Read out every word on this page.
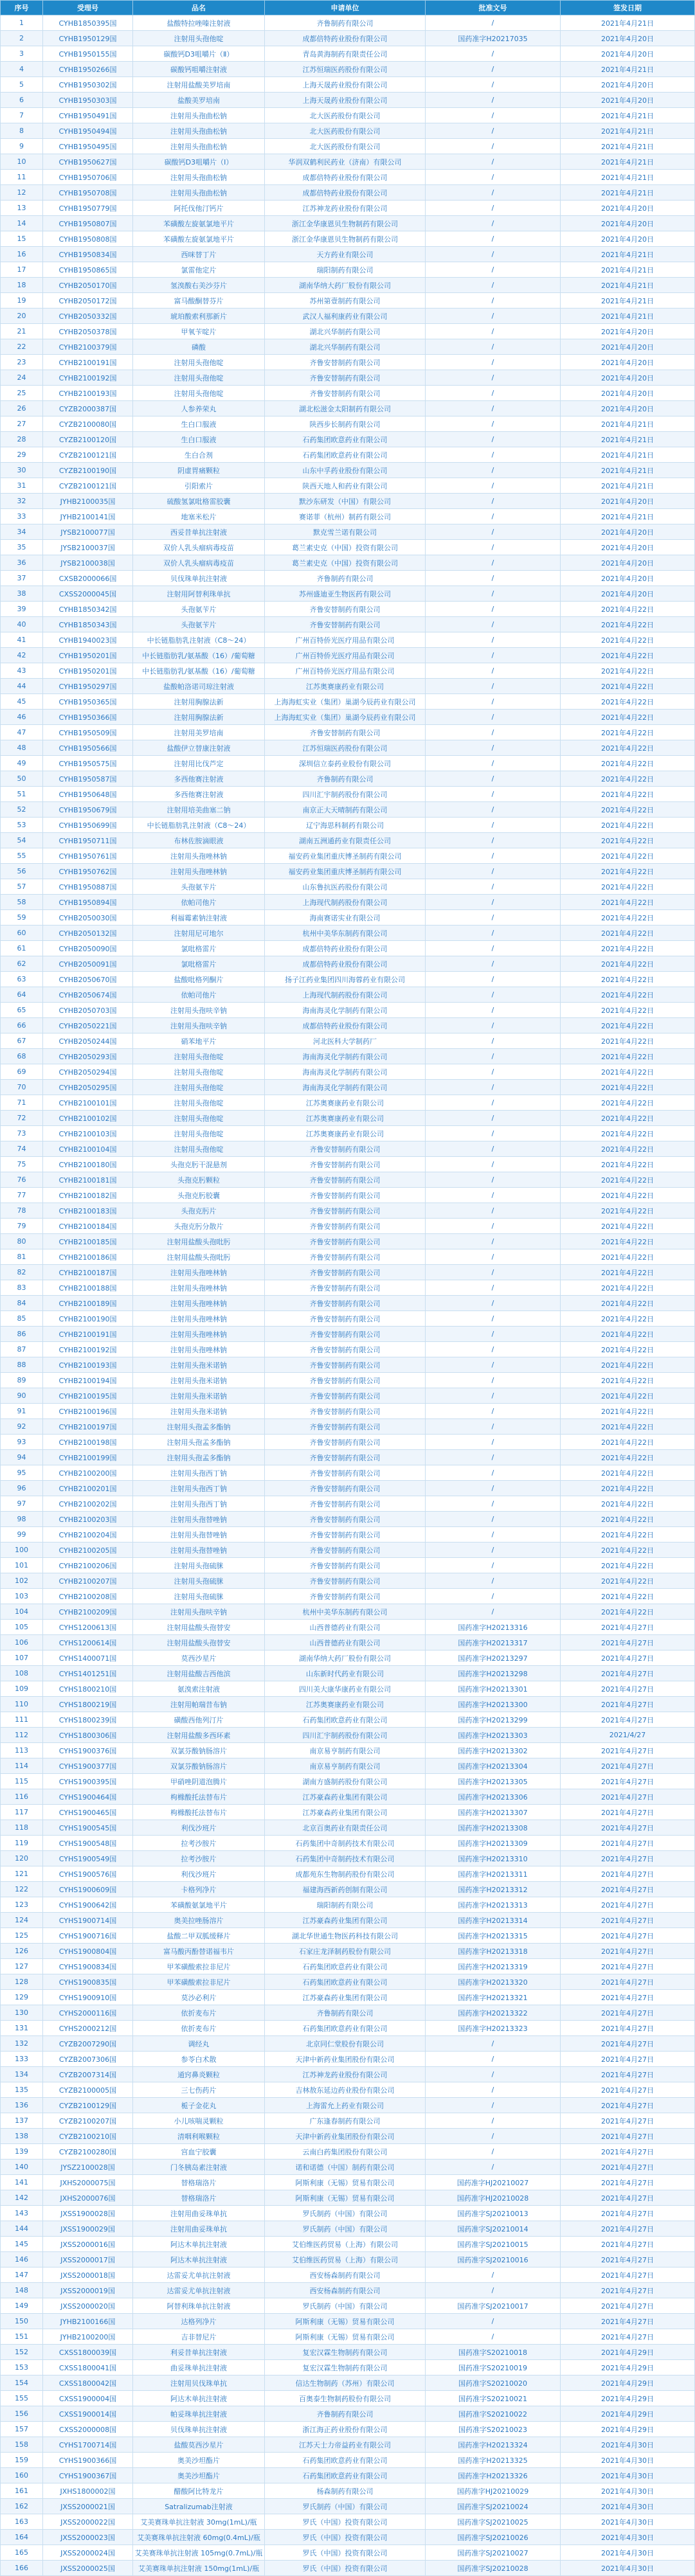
序号	受理号	品名	申请单位	批准文号	签发日期
1	CYHB1850395国	盐酸特拉唑嗪注射液	齐鲁制药有限公司	/	2021年4月21日
2	CYHB1950129国	注射用头孢他啶	成都倍特药业股份有限公司	国药准字H20217035	2021年4月20日
3	CYHB1950155国	碳酸钙D3咀嚼片（Ⅱ）	青岛黄海制药有限责任公司	/	2021年4月20日
4	CYHB1950266国	碳酸钙咀嚼注射液	江苏恒瑞医药股份有限公司	/	2021年4月21日
5	CYHB1950302国	注射用盐酸美罗培南	上海天晟药业股份有限公司	/	2021年4月20日
6	CYHB1950303国	盐酸美罗培南	上海天晟药业股份有限公司	/	2021年4月20日
7	CYHB1950491国	注射用头孢曲松钠	北大医药股份有限公司	/	2021年4月21日
8	CYHB1950494国	注射用头孢曲松钠	北大医药股份有限公司	/	2021年4月21日
9	CYHB1950495国	注射用头孢曲松钠	北大医药股份有限公司	/	2021年4月21日
10	CYHB1950627国	碳酸钙D3咀嚼片（Ⅰ）	华润双鹤利民药业（济南）有限公司	/	2021年4月21日
11	CYHB1950706国	注射用头孢曲松钠	成都倍特药业股份有限公司	/	2021年4月21日
12	CYHB1950708国	注射用头孢曲松钠	成都倍特药业股份有限公司	/	2021年4月21日
13	CYHB1950779国	阿托伐他汀钙片	江苏神龙药业股份有限公司	/	2021年4月20日
14	CYHB1950807国	苯磺酸左旋氨氯地平片	浙江金华康恩贝生物制药有限公司	/	2021年4月20日
15	CYHB1950808国	苯磺酸左旋氨氯地平片	浙江金华康恩贝生物制药有限公司	/	2021年4月20日
16	CYHB1950834国	西咪替丁片	天方药业有限公司	/	2021年4月21日
17	CYHB1950865国	氯雷他定片	瑞阳制药有限公司	/	2021年4月21日
18	CYHB2050170国	氢溴酸右美沙芬片	湖南华纳大药厂股份有限公司	/	2021年4月21日
19	CYHB2050172国	富马酸酮替芬片	苏州第壹制药有限公司	/	2021年4月21日
20	CYHB2050332国	琥珀酸索利那新片	武汉人福利康药业有限公司	/	2021年4月21日
21	CYHB2050378国	甲氧苄啶片	湖北兴华制药有限公司	/	2021年4月20日
22	CYHB2100379国	磷酸	湖北兴华制药有限公司	/	2021年4月20日
23	CYHB2100191国	注射用头孢他啶	齐鲁安替制药有限公司	/	2021年4月20日
24	CYHB2100192国	注射用头孢他啶	齐鲁安替制药有限公司	/	2021年4月20日
25	CYHB2100193国	注射用头孢他啶	齐鲁安替制药有限公司	/	2021年4月20日
26	CYZB2000387国	人参养荣丸	湖北松滋金太阳制药有限公司	/	2021年4月20日
27	CYZB2100080国	生白口服液	陕西步长制药有限公司	/	2021年4月21日
28	CYZB2100120国	生白口服液	石药集团欧意药业有限公司	/	2021年4月21日
29	CYZB2100121国	生白合剂	石药集团欧意药业有限公司	/	2021年4月21日
30	CYZB2100190国	阴虚胃痛颗粒	山东中孚药业股份有限公司	/	2021年4月21日
31	CYZB2100121国	引阳索片	陕西天地人和药业有限公司	/	2021年4月21日
32	JYHB2100035国	硫酸氢氯吡格雷胶囊	默沙东研发（中国）有限公司	/	2021年4月20日
33	JYHB2100141国	地塞米松片	赛诺菲（杭州）制药有限公司	/	2021年4月21日
34	JYSB2100077国	西妥昔单抗注射液	默克雪兰诺有限公司	/	2021年4月20日
35	JYSB2100037国	双价人乳头瘤病毒疫苗	葛兰素史克（中国）投资有限公司	/	2021年4月20日
36	JYSB2100038国	双价人乳头瘤病毒疫苗	葛兰素史克（中国）投资有限公司	/	2021年4月20日
37	CXSB2000066国	贝伐珠单抗注射液	齐鲁制药有限公司	/	2021年4月20日
38	CXSS2000045国	注射用阿替利珠单抗	苏州盛迪亚生物医药有限公司	/	2021年4月20日
39	CYHB1850342国	头孢氨苄片	齐鲁安替制药有限公司	/	2021年4月22日
40	CYHB1850343国	头孢氨苄片	齐鲁安替制药有限公司	/	2021年4月22日
41	CYHB1940023国	中长链脂肪乳注射液（C8～24）	广州百特侨光医疗用品有限公司	/	2021年4月22日
42	CYHB1950201国	中长链脂肪乳/氨基酸（16）/葡萄糖	广州百特侨光医疗用品有限公司	/	2021年4月22日
43	CYHB1950201国	中长链脂肪乳/氨基酸（16）/葡萄糖	广州百特侨光医疗用品有限公司	/	2021年4月22日
44	CYHB1950297国	盐酸帕洛诺司琼注射液	江苏奥赛康药业有限公司	/	2021年4月22日
45	CYHB1950365国	注射用胸腺法新	上海海虹实业（集团）巢湖今辰药业有限公司	/	2021年4月22日
46	CYHB1950366国	注射用胸腺法新	上海海虹实业（集团）巢湖今辰药业有限公司	/	2021年4月22日
47	CYHB1950509国	注射用美罗培南	齐鲁安替制药有限公司	/	2021年4月22日
48	CYHB1950566国	盐酸伊立替康注射液	江苏恒瑞医药股份有限公司	/	2021年4月22日
49	CYHB1950575国	注射用比伐芦定	深圳信立泰药业股份有限公司	/	2021年4月22日
50	CYHB1950587国	多西他赛注射液	齐鲁制药有限公司	/	2021年4月22日
51	CYHB1950648国	多西他赛注射液	四川汇宇制药股份有限公司	/	2021年4月22日
52	CYHB1950679国	注射用培美曲塞二钠	南京正大天晴制药有限公司	/	2021年4月22日
53	CYHB1950699国	中长链脂肪乳注射液（C8～24）	辽宁海思科制药有限公司	/	2021年4月22日
54	CYHB1950711国	布林佐胺滴眼液	湖南五洲通药业有限责任公司	/	2021年4月22日
55	CYHB1950761国	注射用头孢唑林钠	福安药业集团重庆博圣制药有限公司	/	2021年4月22日
56	CYHB1950762国	注射用头孢唑林钠	福安药业集团重庆博圣制药有限公司	/	2021年4月22日
57	CYHB1950887国	头孢氨苄片	山东鲁抗医药股份有限公司	/	2021年4月22日
58	CYHB1950894国	依帕司他片	上海现代制药股份有限公司	/	2021年4月22日
59	CYHB2050030国	利福霉素钠注射液	海南赛诺实业有限公司	/	2021年4月22日
60	CYHB2050132国	注射用尼可地尔	杭州中美华东制药有限公司	/	2021年4月22日
61	CYHB2050090国	氯吡格雷片	成都倍特药业股份有限公司	/	2021年4月22日
62	CYHB2050091国	氯吡格雷片	成都倍特药业股份有限公司	/	2021年4月22日
63	CYHB2050670国	盐酸吡格列酮片	扬子江药业集团四川海蓉药业有限公司	/	2021年4月22日
64	CYHB2050674国	依帕司他片	上海现代制药股份有限公司	/	2021年4月22日
65	CYHB2050703国	注射用头孢呋辛钠	海南海灵化学制药有限公司	/	2021年4月22日
66	CYHB2050221国	注射用头孢呋辛钠	成都倍特药业股份有限公司	/	2021年4月22日
67	CYHB2050244国	硝苯地平片	河北医科大学制药厂	/	2021年4月22日
68	CYHB2050293国	注射用头孢他啶	海南海灵化学制药有限公司	/	2021年4月22日
69	CYHB2050294国	注射用头孢他啶	海南海灵化学制药有限公司	/	2021年4月22日
70	CYHB2050295国	注射用头孢他啶	海南海灵化学制药有限公司	/	2021年4月22日
71	CYHB2100101国	注射用头孢他啶	江苏奥赛康药业有限公司	/	2021年4月22日
72	CYHB2100102国	注射用头孢他啶	江苏奥赛康药业有限公司	/	2021年4月22日
73	CYHB2100103国	注射用头孢他啶	江苏奥赛康药业有限公司	/	2021年4月22日
74	CYHB2100104国	注射用头孢他啶	齐鲁安替制药有限公司	/	2021年4月22日
75	CYHB2100180国	头孢克肟干混悬剂	齐鲁安替制药有限公司	/	2021年4月22日
76	CYHB2100181国	头孢克肟颗粒	齐鲁安替制药有限公司	/	2021年4月22日
77	CYHB2100182国	头孢克肟胶囊	齐鲁安替制药有限公司	/	2021年4月22日
78	CYHB2100183国	头孢克肟片	齐鲁安替制药有限公司	/	2021年4月22日
79	CYHB2100184国	头孢克肟分散片	齐鲁安替制药有限公司	/	2021年4月22日
80	CYHB2100185国	注射用盐酸头孢吡肟	齐鲁安替制药有限公司	/	2021年4月22日
81	CYHB2100186国	注射用盐酸头孢吡肟	齐鲁安替制药有限公司	/	2021年4月22日
82	CYHB2100187国	注射用头孢唑林钠	齐鲁安替制药有限公司	/	2021年4月22日
83	CYHB2100188国	注射用头孢唑林钠	齐鲁安替制药有限公司	/	2021年4月22日
84	CYHB2100189国	注射用头孢唑林钠	齐鲁安替制药有限公司	/	2021年4月22日
85	CYHB2100190国	注射用头孢唑林钠	齐鲁安替制药有限公司	/	2021年4月22日
86	CYHB2100191国	注射用头孢唑林钠	齐鲁安替制药有限公司	/	2021年4月22日
87	CYHB2100192国	注射用头孢唑林钠	齐鲁安替制药有限公司	/	2021年4月22日
88	CYHB2100193国	注射用头孢米诺钠	齐鲁安替制药有限公司	/	2021年4月22日
89	CYHB2100194国	注射用头孢米诺钠	齐鲁安替制药有限公司	/	2021年4月22日
90	CYHB2100195国	注射用头孢米诺钠	齐鲁安替制药有限公司	/	2021年4月22日
91	CYHB2100196国	注射用头孢米诺钠	齐鲁安替制药有限公司	/	2021年4月22日
92	CYHB2100197国	注射用头孢孟多酯钠	齐鲁安替制药有限公司	/	2021年4月22日
93	CYHB2100198国	注射用头孢孟多酯钠	齐鲁安替制药有限公司	/	2021年4月22日
94	CYHB2100199国	注射用头孢孟多酯钠	齐鲁安替制药有限公司	/	2021年4月22日
95	CYHB2100200国	注射用头孢西丁钠	齐鲁安替制药有限公司	/	2021年4月22日
96	CYHB2100201国	注射用头孢西丁钠	齐鲁安替制药有限公司	/	2021年4月22日
97	CYHB2100202国	注射用头孢西丁钠	齐鲁安替制药有限公司	/	2021年4月22日
98	CYHB2100203国	注射用头孢替唑钠	齐鲁安替制药有限公司	/	2021年4月22日
99	CYHB2100204国	注射用头孢替唑钠	齐鲁安替制药有限公司	/	2021年4月22日
100	CYHB2100205国	注射用头孢替唑钠	齐鲁安替制药有限公司	/	2021年4月22日
101	CYHB2100206国	注射用头孢硫脒	齐鲁安替制药有限公司	/	2021年4月22日
102	CYHB2100207国	注射用头孢硫脒	齐鲁安替制药有限公司	/	2021年4月22日
103	CYHB2100208国	注射用头孢硫脒	齐鲁安替制药有限公司	/	2021年4月22日
104	CYHB2100209国	注射用头孢呋辛钠	杭州中美华东制药有限公司	/	2021年4月22日
105	CYHS1200613国	注射用盐酸头孢替安	山西普德药业有限公司	国药准字H20213316	2021年4月27日
106	CYHS1200614国	注射用盐酸头孢替安	山西普德药业有限公司	国药准字H20213317	2021年4月27日
107	CYHS1400071国	莫西沙星片	湖南华纳大药厂股份有限公司	国药准字H20213297	2021年4月27日
108	CYHS1401251国	注射用盐酸吉西他滨	山东新时代药业有限公司	国药准字H20213298	2021年4月27日
109	CYHS1800210国	氨溴索注射液	四川美大康华康药业有限公司	国药准字H20213301	2021年4月27日
110	CYHS1800219国	注射用帕瑞昔布钠	江苏奥赛康药业有限公司	国药准字H20213300	2021年4月27日
111	CYHS1800239国	磺酸西他列汀片	石药集团欧意药业有限公司	国药准字H20213299	2021年4月27日
112	CYHS1800306国	注射用盐酸多西环素	四川汇宇制药股份有限公司	国药准字H20213303	2021/4/27
113	CYHS1900376国	双氯芬酸钠肠溶片	南京易亨制药有限公司	国药准字H20213302	2021年4月27日
114	CYHS1900377国	双氯芬酸钠肠溶片	南京易亨制药有限公司	国药准字H20213304	2021年4月27日
115	CYHS1900395国	甲硝唑阴道泡腾片	湖南方盛制药股份有限公司	国药准字H20213305	2021年4月27日
116	CYHS1900464国	枸橼酸托法替布片	江苏豪森药业集团有限公司	国药准字H20213306	2021年4月27日
117	CYHS1900465国	枸橼酸托法替布片	江苏豪森药业集团有限公司	国药准字H20213307	2021年4月27日
118	CYHS1900545国	利伐沙班片	北京百奥药业有限责任公司	国药准字H20213308	2021年4月27日
119	CYHS1900548国	拉考沙胺片	石药集团中奇制药技术有限公司	国药准字H20213309	2021年4月27日
120	CYHS1900549国	拉考沙胺片	石药集团中奇制药技术有限公司	国药准字H20213310	2021年4月27日
121	CYHS1900576国	利伐沙班片	成都苑东生物制药股份有限公司	国药准字H20213311	2021年4月27日
122	CYHS1900609国	卡格列净片	福建海西新药创制有限公司	国药准字H20213312	2021年4月27日
123	CYHS1900642国	苯磺酸氨氯地平片	瑞阳制药有限公司	国药准字H20213313	2021年4月27日
124	CYHS1900714国	奥美拉唑肠溶片	江苏豪森药业集团有限公司	国药准字H20213314	2021年4月27日
125	CYHS1900716国	盐酸二甲双胍缓释片	湖北华世通生物医药科技有限公司	国药准字H20213315	2021年4月27日
126	CYHS1900804国	富马酸丙酚替诺福韦片	石家庄龙泽制药股份有限公司	国药准字H20213318	2021年4月27日
127	CYHS1900834国	甲苯磺酸索拉非尼片	石药集团欧意药业有限公司	国药准字H20213319	2021年4月27日
128	CYHS1900835国	甲苯磺酸索拉非尼片	石药集团欧意药业有限公司	国药准字H20213320	2021年4月27日
129	CYHS1900910国	莫沙必利片	江苏豪森药业集团有限公司	国药准字H20213321	2021年4月27日
130	CYHS2000116国	依折麦布片	齐鲁制药有限公司	国药准字H20213322	2021年4月27日
131	CYHS2000212国	依折麦布片	石药集团欧意药业有限公司	国药准字H20213323	2021年4月27日
132	CYZB2007290国	调经丸	北京同仁堂股份有限公司	/	2021年4月27日
133	CYZB2007306国	参苓白术散	天津中新药业集团股份有限公司	/	2021年4月27日
134	CYZB2007314国	通窍鼻炎颗粒	江苏神龙药业股份有限公司	/	2021年4月27日
135	CYZB2100005国	三七伤药片	吉林敖东延边药业股份有限公司	/	2021年4月27日
136	CYZB2100129国	栀子金花丸	上海雷允上药业有限公司	/	2021年4月27日
137	CYZB2100207国	小儿咳喘灵颗粒	广东逢春制药有限公司	/	2021年4月27日
138	CYZB2100210国	清咽利喉颗粒	天津中新药业集团股份有限公司	/	2021年4月27日
139	CYZB2100280国	宫血宁胶囊	云南白药集团股份有限公司	/	2021年4月27日
140	JYSZ2100028国	门冬胰岛素注射液	诺和诺德（中国）制药有限公司	/	2021年4月27日
141	JXHS2000075国	替格瑞洛片	阿斯利康（无锡）贸易有限公司	国药准字HJ20210027	2021年4月27日
142	JXHS2000076国	替格瑞洛片	阿斯利康（无锡）贸易有限公司	国药准字HJ20210028	2021年4月27日
143	JXSS1900028国	注射用曲妥珠单抗	罗氏制药（中国）有限公司	国药准字SJ20210013	2021年4月27日
144	JXSS1900029国	注射用曲妥珠单抗	罗氏制药（中国）有限公司	国药准字SJ20210014	2021年4月27日
145	JXSS2000016国	阿达木单抗注射液	艾伯维医药贸易（上海）有限公司	国药准字SJ20210015	2021年4月27日
146	JXSS2000017国	阿达木单抗注射液	艾伯维医药贸易（上海）有限公司	国药准字SJ20210016	2021年4月27日
147	JXSS2000018国	达雷妥尤单抗注射液	西安杨森制药有限公司	/	2021年4月27日
148	JXSS2000019国	达雷妥尤单抗注射液	西安杨森制药有限公司	/	2021年4月27日
149	JXSS2000020国	阿替利珠单抗注射液	罗氏制药（中国）有限公司	国药准字SJ20210017	2021年4月27日
150	JYHB2100166国	达格列净片	阿斯利康（无锡）贸易有限公司	/	2021年4月27日
151	JYHB2100200国	吉非替尼片	阿斯利康（无锡）贸易有限公司	/	2021年4月27日
152	CXSS1800039国	利妥昔单抗注射液	复宏汉霖生物制药有限公司	国药准字S20210018	2021年4月29日
153	CXSS1800041国	曲妥珠单抗注射液	复宏汉霖生物制药有限公司	国药准字S20210019	2021年4月29日
154	CXSS1800042国	注射用贝伐珠单抗	信达生物制药（苏州）有限公司	国药准字S20210020	2021年4月29日
155	CXSS1900004国	阿达木单抗注射液	百奥泰生物制药股份有限公司	国药准字S20210021	2021年4月29日
156	CXSS1900014国	帕妥珠单抗注射液	齐鲁制药有限公司	国药准字S20210022	2021年4月29日
157	CXSS2000008国	贝伐珠单抗注射液	浙江海正药业股份有限公司	国药准字S20210023	2021年4月29日
158	CYHS1700714国	盐酸莫西沙星片	江苏天士力帝益药业有限公司	国药准字H20213324	2021年4月30日
159	CYHS1900366国	奥美沙坦酯片	石药集团欧意药业有限公司	国药准字H20213325	2021年4月30日
160	CYHS1900367国	奥美沙坦酯片	石药集团欧意药业有限公司	国药准字H20213326	2021年4月30日
161	JXHS1800002国	醋酸阿比特龙片	杨森制药有限公司	国药准字HJ20210029	2021年4月30日
162	JXSS2000021国	Satralizumab注射液	罗氏制药（中国）有限公司	国药准字SJ20210024	2021年4月30日
163	JXSS2000022国	艾美赛珠单抗注射液 30mg(1mL)/瓶	罗氏（中国）投资有限公司	国药准字SJ20210025	2021年4月30日
164	JXSS2000023国	艾美赛珠单抗注射液 60mg(0.4mL)/瓶	罗氏（中国）投资有限公司	国药准字SJ20210026	2021年4月30日
165	JXSS2000024国	艾美赛珠单抗注射液 105mg(0.7mL)/瓶	罗氏（中国）投资有限公司	国药准字SJ20210027	2021年4月30日
166	JXSS2000025国	艾美赛珠单抗注射液 150mg(1mL)/瓶	罗氏（中国）投资有限公司	国药准字SJ20210028	2021年4月30日
